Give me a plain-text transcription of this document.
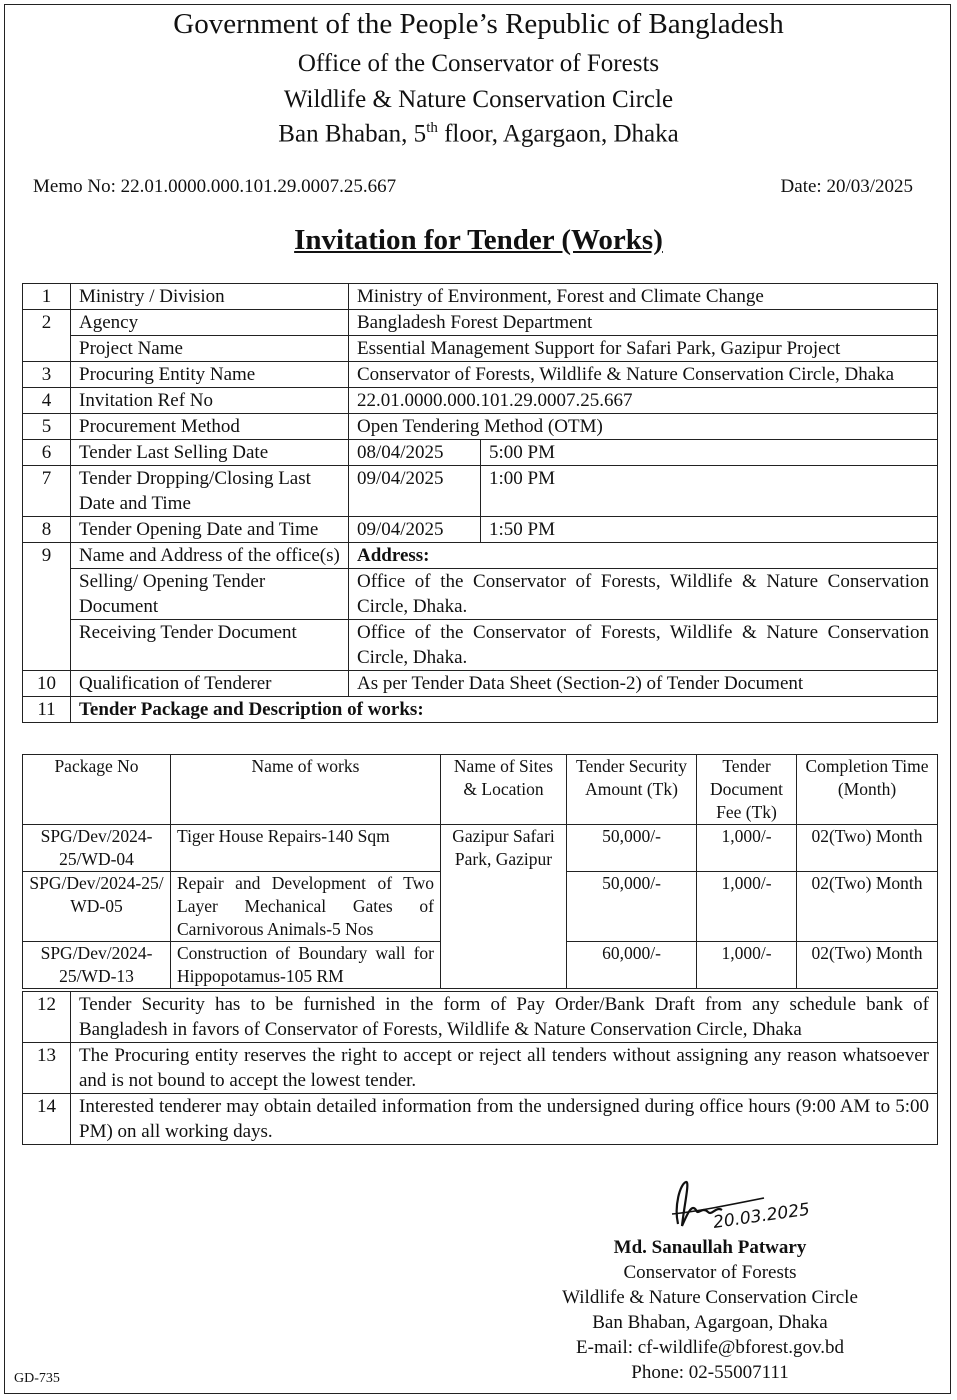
Government of the People’s Republic of Bangladesh
Office of the Conservator of Forests
Wildlife & Nature Conservation Circle
Ban Bhaban, 5th floor, Agargaon, Dhaka
Memo No: 22.01.0000.000.101.29.0007.25.667	Date: 20/03/2025
Invitation for Tender (Works)
1	Ministry / Division	Ministry of Environment, Forest and Climate Change
2	Agency	Bangladesh Forest Department
	Project Name	Essential Management Support for Safari Park, Gazipur Project
3	Procuring Entity Name	Conservator of Forests, Wildlife & Nature Conservation Circle, Dhaka
4	Invitation Ref No	22.01.0000.000.101.29.0007.25.667
5	Procurement Method	Open Tendering Method (OTM)
6	Tender Last Selling Date	08/04/2025 5:00 PM

7	Tender Dropping/Closing Last Date and Time	09/04/2025 1:00 PM

8	Tender Opening Date and Time	09/04/2025 1:50 PM

9	Name and Address of the office(s)	Address:
	Selling/ Opening Tender Document	Office of the Conservator of Forests, Wildlife & Nature Conservation Circle, Dhaka.
	Receiving Tender Document	Office of the Conservator of Forests, Wildlife & Nature Conservation Circle, Dhaka.
10	Qualification of Tenderer	As per Tender Data Sheet (Section-2) of Tender Document
11	Tender Package and Description of works:	
Package No	Name of works	Name of Sites & Location	Tender Security Amount (Tk)	Tender Document Fee (Tk)	Completion Time (Month)
SPG/Dev/2024-25/WD-04	Tiger House Repairs-140 Sqm	Gazipur Safari Park, Gazipur	50,000/-	1,000/-	02(Two) Month
SPG/Dev/2024-25/ WD-05	Repair and Development of Two Layer Mechanical Gates of Carnivorous Animals-5 Nos		50,000/-	1,000/-	02(Two) Month
SPG/Dev/2024-25/WD-13	Construction of Boundary wall for Hippopotamus-105 RM		60,000/-	1,000/-	02(Two) Month
12	Tender Security has to be furnished in the form of Pay Order/Bank Draft from any schedule bank of Bangladesh in favors of Conservator of Forests, Wildlife & Nature Conservation Circle, Dhaka
13	The Procuring entity reserves the right to accept or reject all tenders without assigning any reason whatsoever and is not bound to accept the lowest tender.
14	Interested tenderer may obtain detailed information from the undersigned during office hours (9:00 AM to 5:00 PM) on all working days.
20.03.2025
Md. Sanaullah Patwary
Conservator of Forests
Wildlife & Nature Conservation Circle
Ban Bhaban, Agargoan, Dhaka
E-mail: cf-wildlife@bforest.gov.bd
Phone: 02-55007111
GD-735
